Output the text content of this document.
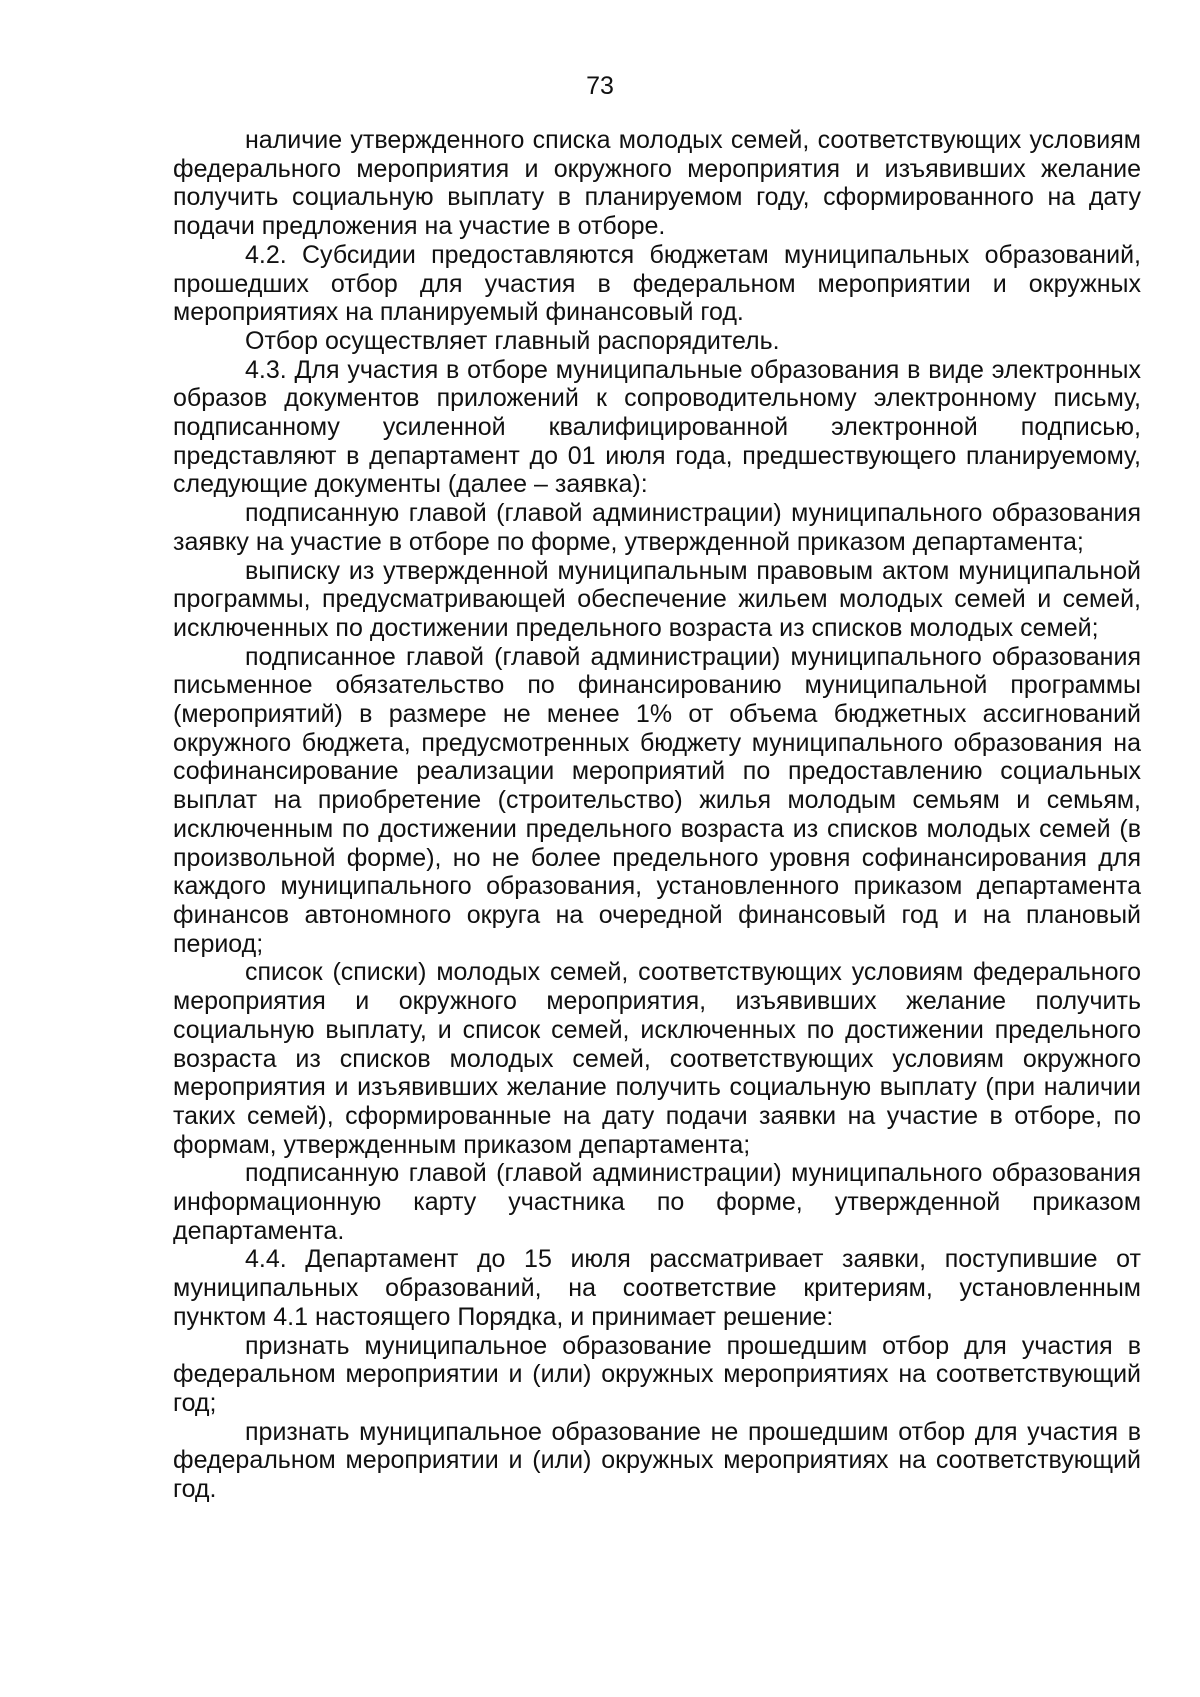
73

наличие утвержденного списка молодых семей, соответствующих условиям федерального мероприятия и окружного мероприятия и изъявивших желание получить социальную выплату в планируемом году, сформированного на дату подачи предложения на участие в отборе.

4.2. Субсидии предоставляются бюджетам муниципальных образований, прошедших отбор для участия в федеральном мероприятии и окружных мероприятиях на планируемый финансовый год.

Отбор осуществляет главный распорядитель.

4.3. Для участия в отборе муниципальные образования в виде электронных образов документов приложений к сопроводительному электронному письму, подписанному усиленной квалифицированной электронной подписью, представляют в департамент до 01 июля года, предшествующего планируемому, следующие документы (далее – заявка):

подписанную главой (главой администрации) муниципального образования заявку на участие в отборе по форме, утвержденной приказом департамента;

выписку из утвержденной муниципальным правовым актом муниципальной программы, предусматривающей обеспечение жильем молодых семей и семей, исключенных по достижении предельного возраста из списков молодых семей;

подписанное главой (главой администрации) муниципального образования письменное обязательство по финансированию муниципальной программы (мероприятий) в размере не менее 1% от объема бюджетных ассигнований окружного бюджета, предусмотренных бюджету муниципального образования на софинансирование реализации мероприятий по предоставлению социальных выплат на приобретение (строительство) жилья молодым семьям и семьям, исключенным по достижении предельного возраста из списков молодых семей (в произвольной форме), но не более предельного уровня софинансирования для каждого муниципального образования, установленного приказом департамента финансов автономного округа на очередной финансовый год и на плановый период;

список (списки) молодых семей, соответствующих условиям федерального мероприятия и окружного мероприятия, изъявивших желание получить социальную выплату, и список семей, исключенных по достижении предельного возраста из списков молодых семей, соответствующих условиям окружного мероприятия и изъявивших желание получить социальную выплату (при наличии таких семей), сформированные на дату подачи заявки на участие в отборе, по формам, утвержденным приказом департамента;

подписанную главой (главой администрации) муниципального образования информационную карту участника по форме, утвержденной приказом департамента.

4.4. Департамент до 15 июля рассматривает заявки, поступившие от муниципальных образований, на соответствие критериям, установленным пунктом 4.1 настоящего Порядка, и принимает решение:

признать муниципальное образование прошедшим отбор для участия в федеральном мероприятии и (или) окружных мероприятиях на соответствующий год;

признать муниципальное образование не прошедшим отбор для участия в федеральном мероприятии и (или) окружных мероприятиях на соответствующий год.
